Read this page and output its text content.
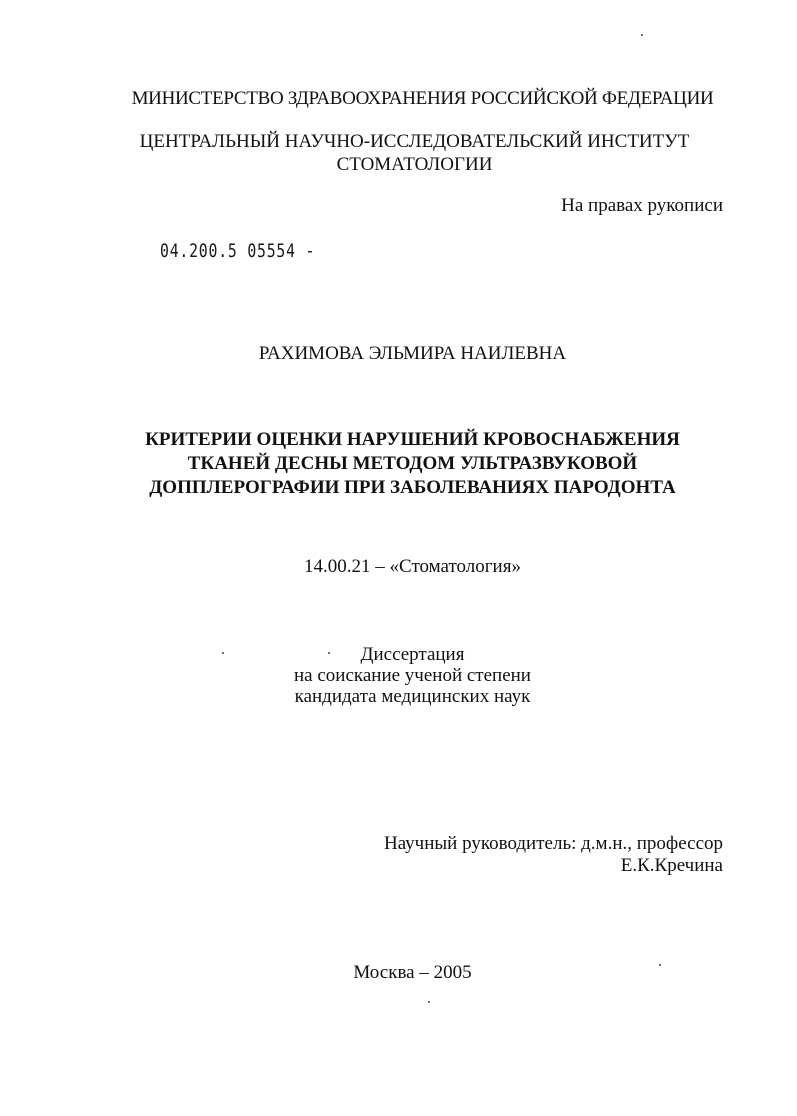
МИНИСТЕРСТВО ЗДРАВООХРАНЕНИЯ РОССИЙСКОЙ ФЕДЕРАЦИИ
ЦЕНТРАЛЬНЫЙ НАУЧНО-ИССЛЕДОВАТЕЛЬСКИЙ ИНСТИТУТ
СТОМАТОЛОГИИ
На правах рукописи
04.200.5 05554 -
РАХИМОВА ЭЛЬМИРА НАИЛЕВНА
КРИТЕРИИ ОЦЕНКИ НАРУШЕНИЙ КРОВОСНАБЖЕНИЯ
ТКАНЕЙ ДЕСНЫ МЕТОДОМ УЛЬТРАЗВУКОВОЙ
ДОППЛЕРОГРАФИИ ПРИ ЗАБОЛЕВАНИЯХ ПАРОДОНТА
14.00.21 – «Стоматология»
Диссертация
на соискание ученой степени
кандидата медицинских наук
Научный руководитель: д.м.н., профессор
Е.К.Кречина
Москва – 2005
